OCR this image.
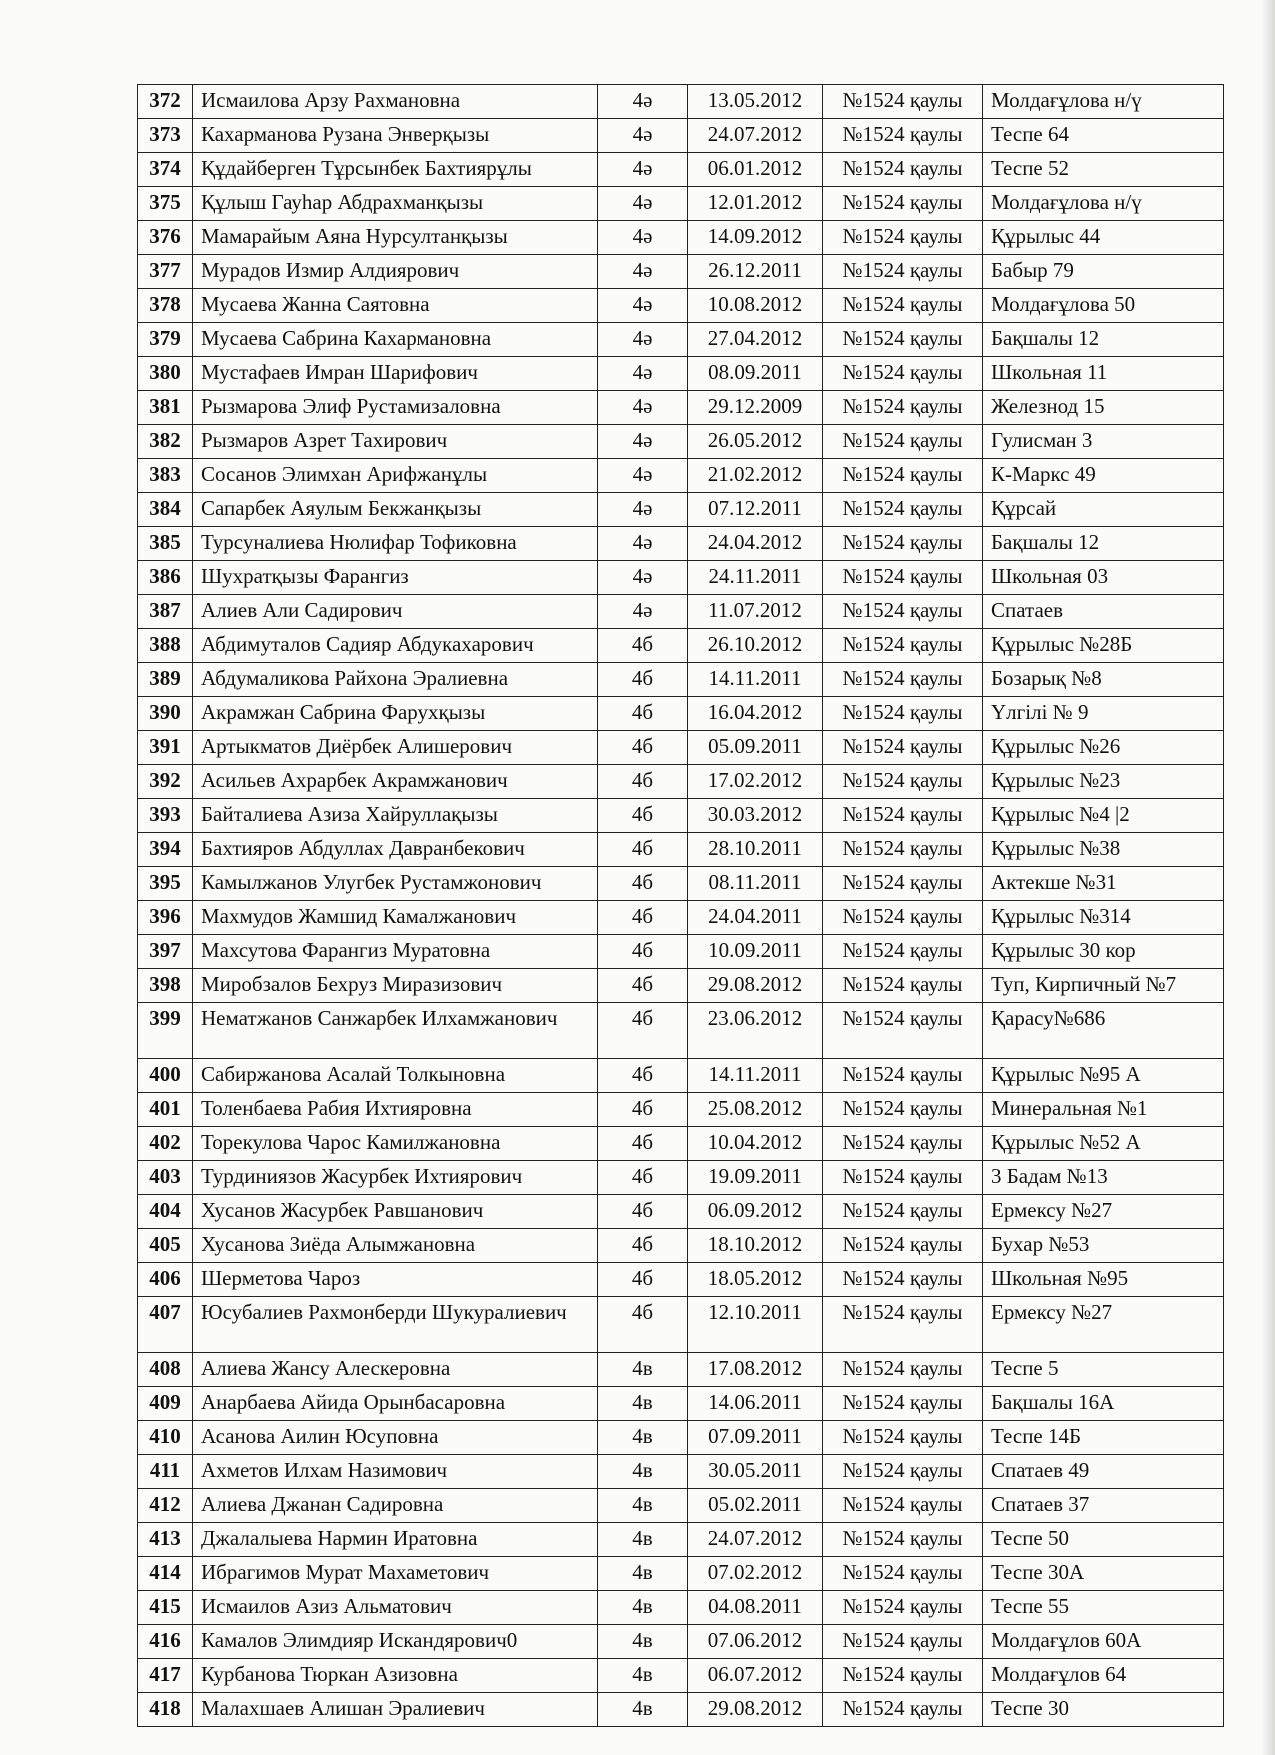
372	Исмаилова Арзу Рахмановна	4ә	13.05.2012	№1524 қаулы	Молдағұлова н/ү
373	Кахарманова Рузана Энверқызы	4ә	24.07.2012	№1524 қаулы	Теспе 64
374	Құдайберген Тұрсынбек Бахтиярұлы	4ә	06.01.2012	№1524 қаулы	Теспе 52
375	Құлыш Гауһар Абдрахманқызы	4ә	12.01.2012	№1524 қаулы	Молдағұлова н/ү
376	Мамарайым Аяна Нурсултанқызы	4ә	14.09.2012	№1524 қаулы	Құрылыс 44
377	Мурадов Измир Алдиярович	4ә	26.12.2011	№1524 қаулы	Бабыр 79
378	Мусаева Жанна Саятовна	4ә	10.08.2012	№1524 қаулы	Молдағұлова 50
379	Мусаева Сабрина Кахармановна	4ә	27.04.2012	№1524 қаулы	Бақшалы 12
380	Мустафаев Имран Шарифович	4ә	08.09.2011	№1524 қаулы	Школьная 11
381	Рызмарова Элиф Рустамизаловна	4ә	29.12.2009	№1524 қаулы	Железнод 15
382	Рызмаров Азрет Тахирович	4ә	26.05.2012	№1524 қаулы	Гулисман 3
383	Сосанов Элимхан Арифжанұлы	4ә	21.02.2012	№1524 қаулы	К-Маркс 49
384	Сапарбек Аяулым Бекжанқызы	4ә	07.12.2011	№1524 қаулы	Құрсай
385	Турсуналиева Нюлифар Тофиковна	4ә	24.04.2012	№1524 қаулы	Бақшалы 12
386	Шухратқызы Фарангиз	4ә	24.11.2011	№1524 қаулы	Школьная 03
387	Алиев Али Садирович	4ә	11.07.2012	№1524 қаулы	Спатаев
388	Абдимуталов Садияр Абдукахарович	4б	26.10.2012	№1524 қаулы	Құрылыс №28Б
389	Абдумаликова Райхона Эралиевна	4б	14.11.2011	№1524 қаулы	Бозарық №8
390	Акрамжан Сабрина Фарухқызы	4б	16.04.2012	№1524 қаулы	Үлгілі № 9
391	Артыкматов Диёрбек Алишерович	4б	05.09.2011	№1524 қаулы	Құрылыс №26
392	Асильев Ахрарбек Акрамжанович	4б	17.02.2012	№1524 қаулы	Құрылыс №23
393	Байталиева Азиза Хайруллақызы	4б	30.03.2012	№1524 қаулы	Құрылыс №4 |2
394	Бахтияров Абдуллах Давранбекович	4б	28.10.2011	№1524 қаулы	Құрылыс №38
395	Камылжанов Улугбек Рустамжонович	4б	08.11.2011	№1524 қаулы	Актекше №31
396	Махмудов Жамшид Камалжанович	4б	24.04.2011	№1524 қаулы	Құрылыс №314
397	Махсутова Фарангиз Муратовна	4б	10.09.2011	№1524 қаулы	Құрылыс 30 кор
398	Миробзалов Бехруз Миразизович	4б	29.08.2012	№1524 қаулы	Туп, Кирпичный №7
399	Нематжанов Санжарбек Илхамжанович	4б	23.06.2012	№1524 қаулы	Қарасу№686
400	Сабиржанова Асалай Толкыновна	4б	14.11.2011	№1524 қаулы	Құрылыс №95 А
401	Толенбаева Рабия Ихтияровна	4б	25.08.2012	№1524 қаулы	Минеральная №1
402	Торекулова Чарос Камилжановна	4б	10.04.2012	№1524 қаулы	Құрылыс №52 А
403	Турдиниязов Жасурбек Ихтиярович	4б	19.09.2011	№1524 қаулы	3 Бадам №13
404	Хусанов Жасурбек Равшанович	4б	06.09.2012	№1524 қаулы	Ермексу №27
405	Хусанова Зиёда Алымжановна	4б	18.10.2012	№1524 қаулы	Бухар №53
406	Шерметова Чароз	4б	18.05.2012	№1524 қаулы	Школьная №95
407	Юсубалиев Рахмонберди Шукуралиевич	4б	12.10.2011	№1524 қаулы	Ермексу №27
408	Алиева Жансу Алескеровна	4в	17.08.2012	№1524 қаулы	Теспе 5
409	Анарбаева Айида Орынбасаровна	4в	14.06.2011	№1524 қаулы	Бақшалы 16А
410	Асанова Аилин Юсуповна	4в	07.09.2011	№1524 қаулы	Теспе 14Б
411	Ахметов Илхам Назимович	4в	30.05.2011	№1524 қаулы	Спатаев 49
412	Алиева Джанан Садировна	4в	05.02.2011	№1524 қаулы	Спатаев 37
413	Джалалыева Нармин Иратовна	4в	24.07.2012	№1524 қаулы	Теспе 50
414	Ибрагимов Мурат Махаметович	4в	07.02.2012	№1524 қаулы	Теспе 30А
415	Исмаилов Азиз Альматович	4в	04.08.2011	№1524 қаулы	Теспе 55
416	Камалов Элимдияр Искандярович0	4в	07.06.2012	№1524 қаулы	Молдағұлов 60А
417	Курбанова Тюркан Азизовна	4в	06.07.2012	№1524 қаулы	Молдағұлов 64
418	Малахшаев Алишан Эралиевич	4в	29.08.2012	№1524 қаулы	Теспе 30
